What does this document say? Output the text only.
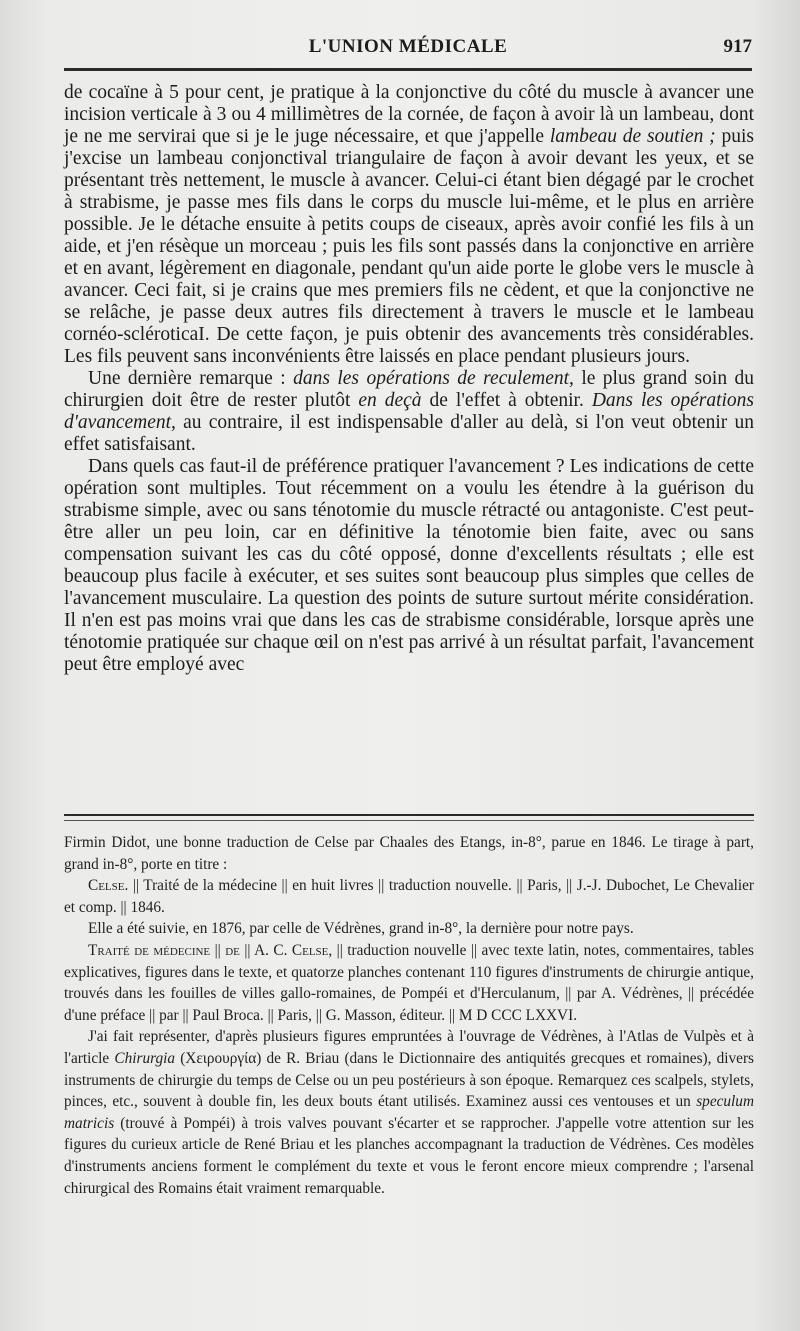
L'UNION MÉDICALE	917

de cocaïne à 5 pour cent, je pratique à la conjonctive du côté du muscle à avancer une incision verticale à 3 ou 4 millimètres de la cornée, de façon à avoir là un lambeau, dont je ne me servirai que si je le juge nécessaire, et que j'appelle lambeau de soutien ; puis j'excise un lambeau conjonctival triangulaire de façon à avoir devant les yeux, et se présentant très nettement, le muscle à avancer. Celui-ci étant bien dégagé par le crochet à strabisme, je passe mes fils dans le corps du muscle lui-même, et le plus en arrière possible. Je le détache ensuite à petits coups de ciseaux, après avoir confié les fils à un aide, et j'en résèque un morceau ; puis les fils sont passés dans la conjonctive en arrière et en avant, légèrement en diagonale, pendant qu'un aide porte le globe vers le muscle à avancer. Ceci fait, si je crains que mes premiers fils ne cèdent, et que la conjonctive ne se relâche, je passe deux autres fils directement à travers le muscle et le lambeau cornéo-scléroticaI. De cette façon, je puis obtenir des avancements très considérables. Les fils peuvent sans inconvénients être laissés en place pendant plusieurs jours.

Une dernière remarque : dans les opérations de reculement, le plus grand soin du chirurgien doit être de rester plutôt en deçà de l'effet à obtenir. Dans les opérations d'avancement, au contraire, il est indispensable d'aller au delà, si l'on veut obtenir un effet satisfaisant.

Dans quels cas faut-il de préférence pratiquer l'avancement ? Les indications de cette opération sont multiples. Tout récemment on a voulu les étendre à la guérison du strabisme simple, avec ou sans ténotomie du muscle rétracté ou antagoniste. C'est peut-être aller un peu loin, car en définitive la ténotomie bien faite, avec ou sans compensation suivant les cas du côté opposé, donne d'excellents résultats ; elle est beaucoup plus facile à exécuter, et ses suites sont beaucoup plus simples que celles de l'avancement musculaire. La question des points de suture surtout mérite considération. Il n'en est pas moins vrai que dans les cas de strabisme considérable, lorsque après une ténotomie pratiquée sur chaque œil on n'est pas arrivé à un résultat parfait, l'avancement peut être employé avec

Firmin Didot, une bonne traduction de Celse par Chaales des Etangs, in-8°, parue en 1846. Le tirage à part, grand in-8°, porte en titre :

Celse. || Traité de la médecine || en huit livres || traduction nouvelle. || Paris, || J.-J. Dubochet, Le Chevalier et comp. || 1846.

Elle a été suivie, en 1876, par celle de Védrènes, grand in-8°, la dernière pour notre pays.

Traité de médecine || de || A. C. Celse, || traduction nouvelle || avec texte latin, notes, commentaires, tables explicatives, figures dans le texte, et quatorze planches contenant 110 figures d'instruments de chirurgie antique, trouvés dans les fouilles de villes gallo-romaines, de Pompéi et d'Herculanum, || par A. Védrènes, || précédée d'une préface || par || Paul Broca. || Paris, || G. Masson, éditeur. || M D CCC LXXVI.

J'ai fait représenter, d'après plusieurs figures empruntées à l'ouvrage de Védrènes, à l'Atlas de Vulpès et à l'article Chirurgia (Χειρουργία) de R. Briau (dans le Dictionnaire des antiquités grecques et romaines), divers instruments de chirurgie du temps de Celse ou un peu postérieurs à son époque. Remarquez ces scalpels, stylets, pinces, etc., souvent à double fin, les deux bouts étant utilisés. Examinez aussi ces ventouses et un speculum matricis (trouvé à Pompéi) à trois valves pouvant s'écarter et se rapprocher. J'appelle votre attention sur les figures du curieux article de René Briau et les planches accompagnant la traduction de Védrènes. Ces modèles d'instruments anciens forment le complément du texte et vous le feront encore mieux comprendre ; l'arsenal chirurgical des Romains était vraiment remarquable.
